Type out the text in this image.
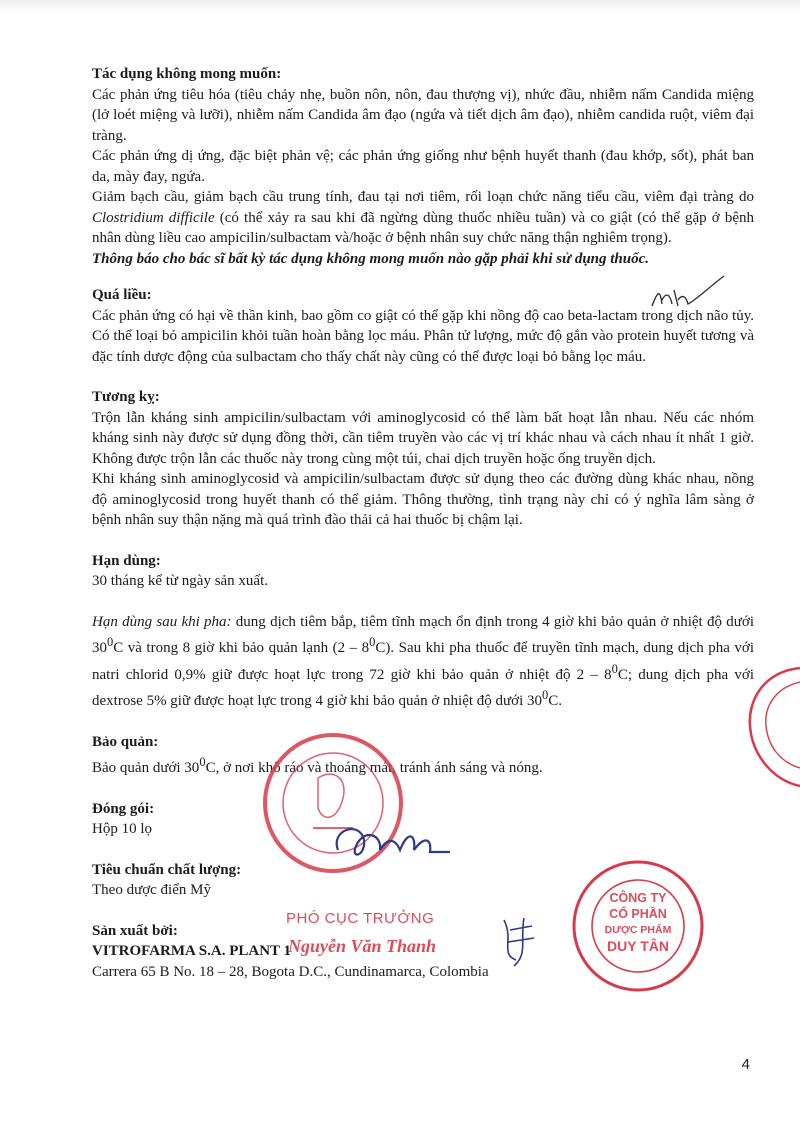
Tác dụng không mong muốn:

Các phản ứng tiêu hóa (tiêu chảy nhẹ, buồn nôn, nôn, đau thượng vị), nhức đầu, nhiễm nấm Candida miệng (lở loét miệng và lưỡi), nhiễm nấm Candida âm đạo (ngứa và tiết dịch âm đạo), nhiễm candida ruột, viêm đại tràng.

Các phản ứng dị ứng, đặc biệt phản vệ; các phản ứng giống như bệnh huyết thanh (đau khớp, sốt), phát ban da, mày đay, ngứa.

Giảm bạch cầu, giảm bạch cầu trung tính, đau tại nơi tiêm, rối loạn chức năng tiểu cầu, viêm đại tràng do Clostridium difficile (có thể xảy ra sau khi đã ngừng dùng thuốc nhiều tuần) và co giật (có thể gặp ở bệnh nhân dùng liều cao ampicilin/sulbactam và/hoặc ở bệnh nhân suy chức năng thận nghiêm trọng).

Thông báo cho bác sĩ bất kỳ tác dụng không mong muốn nào gặp phải khi sử dụng thuốc.

Quá liều:

Các phản ứng có hại về thần kinh, bao gồm co giật có thể gặp khi nồng độ cao beta-lactam trong dịch não tủy. Có thể loại bỏ ampicilin khỏi tuần hoàn bằng lọc máu. Phân tử lượng, mức độ gắn vào protein huyết tương và đặc tính dược động của sulbactam cho thấy chất này cũng có thể được loại bỏ bằng lọc máu.

Tương kỵ:

Trộn lẫn kháng sinh ampicilin/sulbactam với aminoglycosid có thể làm bất hoạt lẫn nhau. Nếu các nhóm kháng sinh này được sử dụng đồng thời, cần tiêm truyền vào các vị trí khác nhau và cách nhau ít nhất 1 giờ. Không được trộn lẫn các thuốc này trong cùng một túi, chai dịch truyền hoặc ống truyền dịch.

Khi kháng sinh aminoglycosid và ampicilin/sulbactam được sử dụng theo các đường dùng khác nhau, nồng độ aminoglycosid trong huyết thanh có thể giảm. Thông thường, tình trạng này chỉ có ý nghĩa lâm sàng ở bệnh nhân suy thận nặng mà quá trình đào thải cả hai thuốc bị chậm lại.

Hạn dùng:

30 tháng kể từ ngày sản xuất.

Hạn dùng sau khi pha: dung dịch tiêm bắp, tiêm tĩnh mạch ổn định trong 4 giờ khi bảo quản ở nhiệt độ dưới $30^0C$ và trong 8 giờ khi bảo quản lạnh $(2 - 8^0C)$. Sau khi pha thuốc để truyền tĩnh mạch, dung dịch pha với natri chlorid 0,9% giữ được hoạt lực trong 72 giờ khi bảo quản ở nhiệt độ $2 - 8^0C$; dung dịch pha với dextrose 5% giữ được hoạt lực trong 4 giờ khi bảo quản ở nhiệt độ dưới $30^0C$.

Bảo quản:

Bảo quản dưới $30^0C$, ở nơi khô ráo và thoáng mát, tránh ánh sáng và nóng.

Đóng gói:

Hộp 10 lọ

Tiêu chuẩn chất lượng:

Theo dược điển Mỹ

Sản xuất bởi:

VITROFARMA S.A. PLANT 1

Carrera 65 B No. 18 – 28, Bogota D.C., Cundinamarca, Colombia

PHÓ CỤC TRƯỞNG
Nguyễn Văn Thanh
CÔNG TY
CỔ PHẦN
DƯỢC PHẨM
DUY TÂN
4
